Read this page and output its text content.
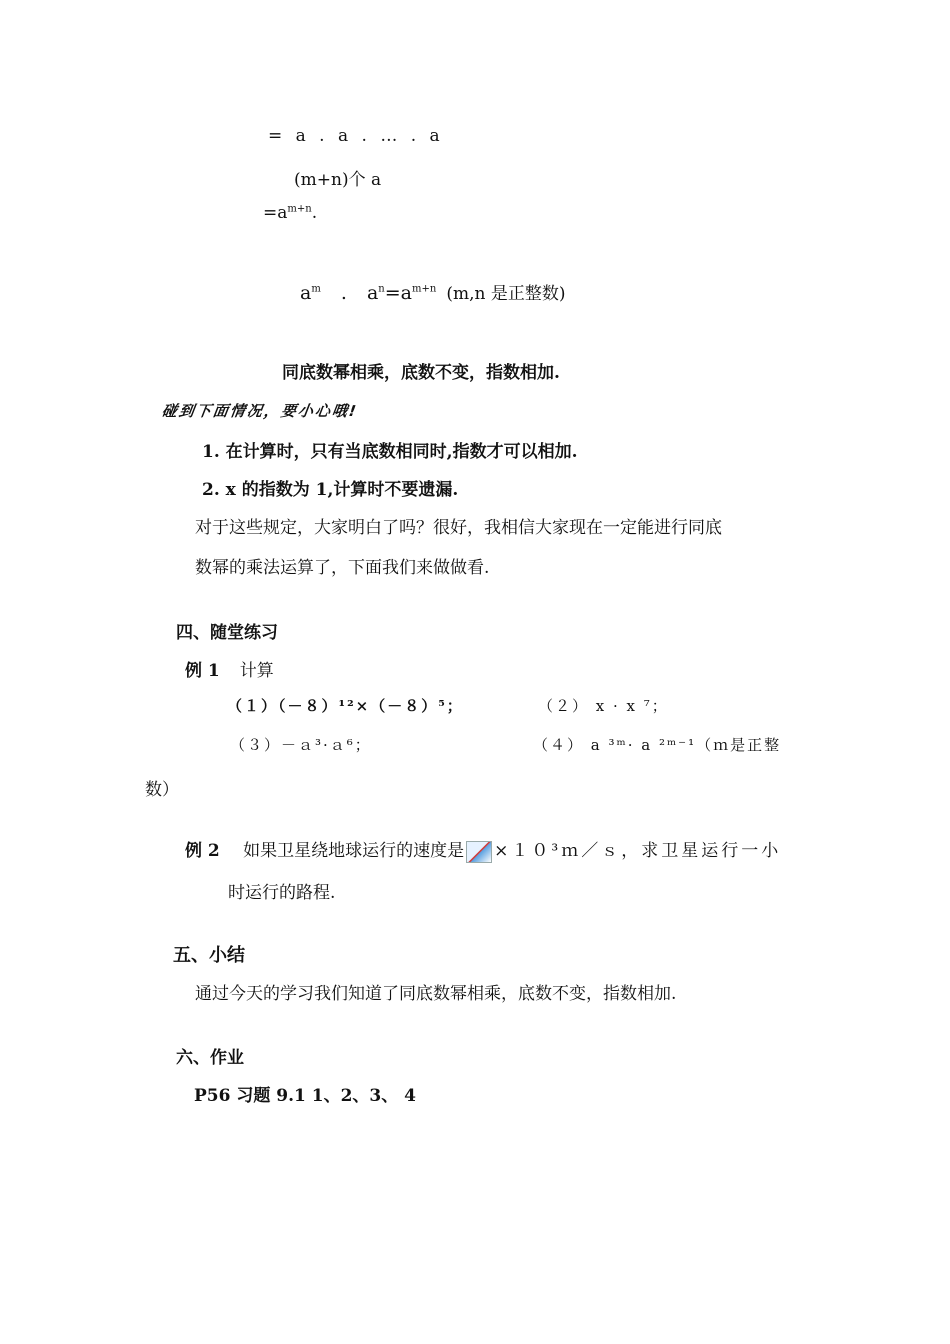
= a . a . … . a
(m+n)个 a
$=a^{m+n}$.
$a^m$ . $a^n=a^{m+n}$ (m,n 是正整数)
同底数幂相乘，底数不变，指数相加.
碰到下面情况，要小心哦!
1. 在计算时，只有当底数相同时,指数才可以相加.
2. x 的指数为 1,计算时不要遗漏.
对于这些规定，大家明白了吗？很好，我相信大家现在一定能进行同底
数幂的乘法运算了，下面我们来做做看.
四、随堂练习
例 1 计算
（１）（－８）¹²×（－８）⁵；	（２） x · x ⁷；
（３）－ａ³·ａ⁶；	（４） a ³ᵐ· a ²ᵐ⁻¹（ｍ是正整
数）
例 2 如果卫星绕地球运行的速度是 ×１０³ｍ／ｓ，求卫星运行一小
时运行的路程.
五、小结
通过今天的学习我们知道了同底数幂相乘，底数不变，指数相加.
六、作业
P56 习题 9.1 1、2、3、 4
